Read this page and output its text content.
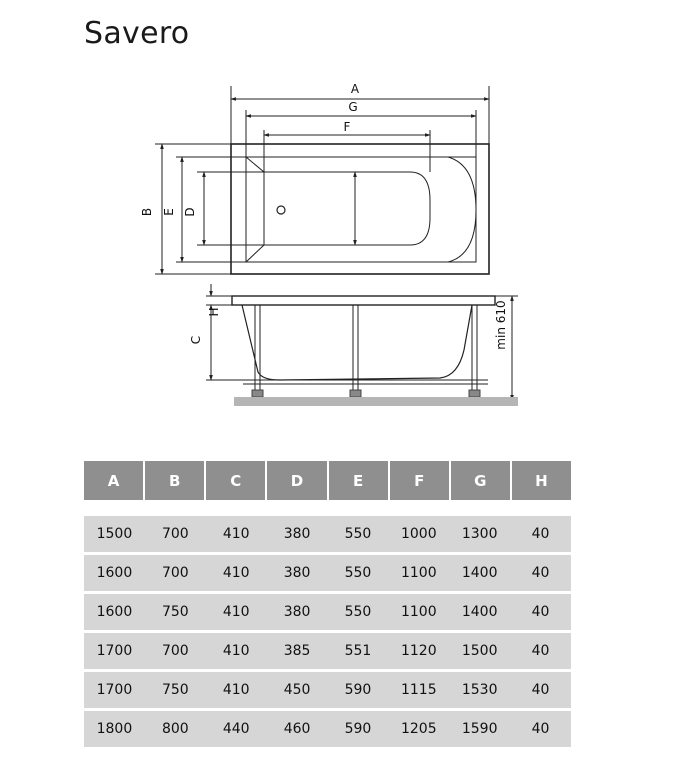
Savero
A
G
F
B E D
C
H	min 610
A	B	C	D	E	F	G	H
1500	700	410	380	550	1000	1300	40
1600	700	410	380	550	1100	1400	40
1600	750	410	380	550	1100	1400	40
1700	700	410	385	551	1120	1500	40
1700	750	410	450	590	1115	1530	40
1800	800	440	460	590	1205	1590	40
